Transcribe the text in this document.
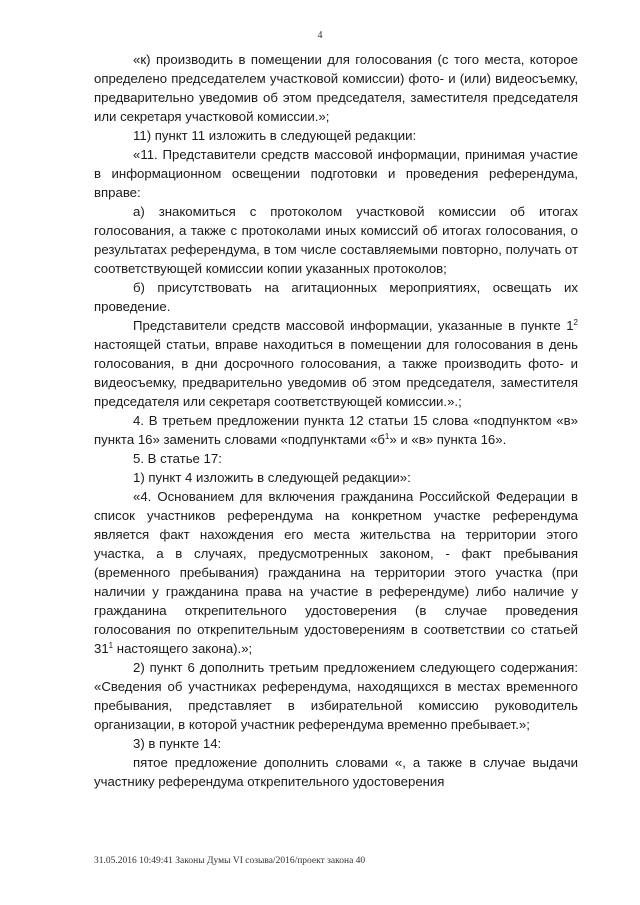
4

«к) производить в помещении для голосования (с того места, которое определено председателем участковой комиссии) фото- и (или) видеосъемку, предварительно уведомив об этом председателя, заместителя председателя или секретаря участковой комиссии.»;

11) пункт 11 изложить в следующей редакции:

«11. Представители средств массовой информации, принимая участие в информационном освещении подготовки и проведения референдума, вправе:

а) знакомиться с протоколом участковой комиссии об итогах голосования, а также с протоколами иных комиссий об итогах голосования, о результатах референдума, в том числе составляемыми повторно, получать от соответствующей комиссии копии указанных протоколов;

б) присутствовать на агитационных мероприятиях, освещать их проведение.

Представители средств массовой информации, указанные в пункте $1^2$ настоящей статьи, вправе находиться в помещении для голосования в день голосования, в дни досрочного голосования, а также производить фото- и видеосъемку, предварительно уведомив об этом председателя, заместителя председателя или секретаря соответствующей комиссии.».;

4. В третьем предложении пункта 12 статьи 15 слова «подпунктом «в» пункта 16» заменить словами «подпунктами «$б^1$» и «в» пункта 16».

5. В статье 17:

1) пункт 4 изложить в следующей редакции»:

«4. Основанием для включения гражданина Российской Федерации в список участников референдума на конкретном участке референдума является факт нахождения его места жительства на территории этого участка, а в случаях, предусмотренных законом, - факт пребывания (временного пребывания) гражданина на территории этого участка (при наличии у гражданина права на участие в референдуме) либо наличие у гражданина открепительного удостоверения (в случае проведения голосования по открепительным удостоверениям в соответствии со статьей $31^1$ настоящего закона).»;

2) пункт 6 дополнить третьим предложением следующего содержания: «Сведения об участниках референдума, находящихся в местах временного пребывания, представляет в избирательной комиссию руководитель организации, в которой участник референдума временно пребывает.»;

3) в пункте 14:

пятое предложение дополнить словами «, а также в случае выдачи участнику референдума открепительного удостоверения

31.05.2016 10:49:41 Законы Думы VI созыва/2016/проект закона 40
